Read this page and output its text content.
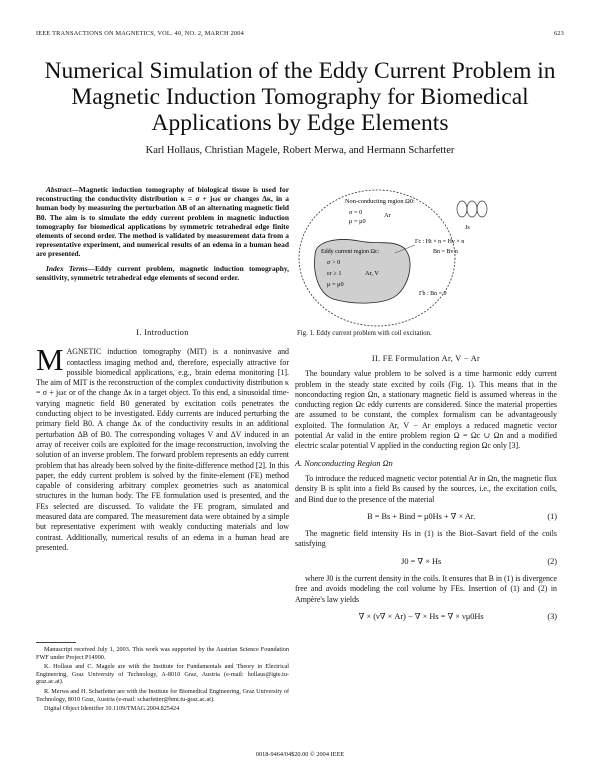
IEEE TRANSACTIONS ON MAGNETICS, VOL. 40, NO. 2, MARCH 2004	623
Numerical Simulation of the Eddy Current Problem in Magnetic Induction Tomography for Biomedical Applications by Edge Elements
Karl Hollaus, Christian Magele, Robert Merwa, and Hermann Scharfetter

Abstract—Magnetic induction tomography of biological tissue is used for reconstructing the conductivity distribution κ = σ + jωε or changes Δκ, in a human body by measuring the perturbation ΔB of an alternating magnetic field B0. The aim is to simulate the eddy current problem in magnetic induction tomography for biomedical applications by symmetric tetrahedral edge finite elements of second order. The method is validated by measurement data from a representative experiment, and numerical results of an edema in a human head are presented.

Index Terms—Eddy current problem, magnetic induction tomography, sensitivity, symmetric tetrahedral edge elements of second order.

I. Introduction

MAGNETIC induction tomography (MIT) is a noninvasive and contactless imaging method and, therefore, especially attractive for possible biomedical applications, e.g., brain edema monitoring [1]. The aim of MIT is the reconstruction of the complex conductivity distribution κ = σ + jωε or of the change Δκ in a target object. To this end, a sinusoidal time-varying magnetic field B0 generated by excitation coils penetrates the conducting object to be investigated. Eddy currents are induced perturbing the primary field B0. A change Δκ of the conductivity results in an additional perturbation ΔB of B0. The corresponding voltages V and ΔV induced in an array of receiver coils are exploited for the image reconstruction, involving the solution of an inverse problem. The forward problem represents an eddy current problem that has already been solved by the finite-difference method [2]. In this paper, the eddy current problem is solved by the finite-element (FE) method capable of considering arbitrary complex geometries such as anatomical structures in the human body. The FE formulation used is presented, and the FEs selected are discussed. To validate the FE program, simulated and measured data are compared. The measurement data were obtained by a simple but representative experiment with weakly conducting materials and low contrast. Additionally, numerical results of an edema in a human head are presented.

Manuscript received July 1, 2003. This work was supported by the Austrian Science Foundation FWF under Project P14990.

K. Hollaus and C. Magele are with the Institute for Fundamentals and Theory in Electrical Engineering, Graz University of Technology, A-8010 Graz, Austria (e-mail: hollaus@igte.tu-graz.ac.at).

R. Merwa and H. Scharfetter are with the Institute for Biomedical Engineering, Graz University of Technology, 8010 Graz, Austria (e-mail: scharfetter@bmt.tu-graz.ac.at).

Digital Object Identifier 10.1109/TMAG.2004.825424

Non-conducting region Ω0:
σ = 0
μ = μ0
Ar
Eddy current region Ωc:
σ > 0
εr ≥ 1
μ = μ0
Ar, V
Γc : Ht × n = Hv × n
Bn = Bv n
Γb : Bn = 0
Js
Fig. 1. Eddy current problem with coil excitation.

II. FE Formulation Ar, V − Ar

The boundary value problem to be solved is a time harmonic eddy current problem in the steady state excited by coils (Fig. 1). This means that in the nonconducting region Ωn, a stationary magnetic field is assumed whereas in the conducting region Ωc eddy currents are considered. Since the material properties are assumed to be constant, the complex formalism can be advantageously exploited. The formulation Ar, V − Ar employs a reduced magnetic vector potential Ar valid in the entire problem region Ω = Ωc ∪ Ωn and a modified electric scalar potential V applied in the conducting region Ωc only [3].

A. Nonconducting Region Ωn

To introduce the reduced magnetic vector potential Ar in Ωn, the magnetic flux density B is split into a field Bs caused by the sources, i.e., the excitation coils, and Bind due to the presence of the material

B = Bs + Bind = μ0Hs + ∇ × Ar.	(1)

The magnetic field intensity Hs in (1) is the Biot–Savart field of the coils satisfying

J0 = ∇ × Hs	(2)

where J0 is the current density in the coils. It ensures that B in (1) is divergence free and avoids modeling the coil volume by FEs. Insertion of (1) and (2) in Ampère's law yields

∇ × (ν∇ × Ar) − ∇ × Hs = ∇ × νμ0Hs	(3)
0018-9464/04$20.00 © 2004 IEEE
